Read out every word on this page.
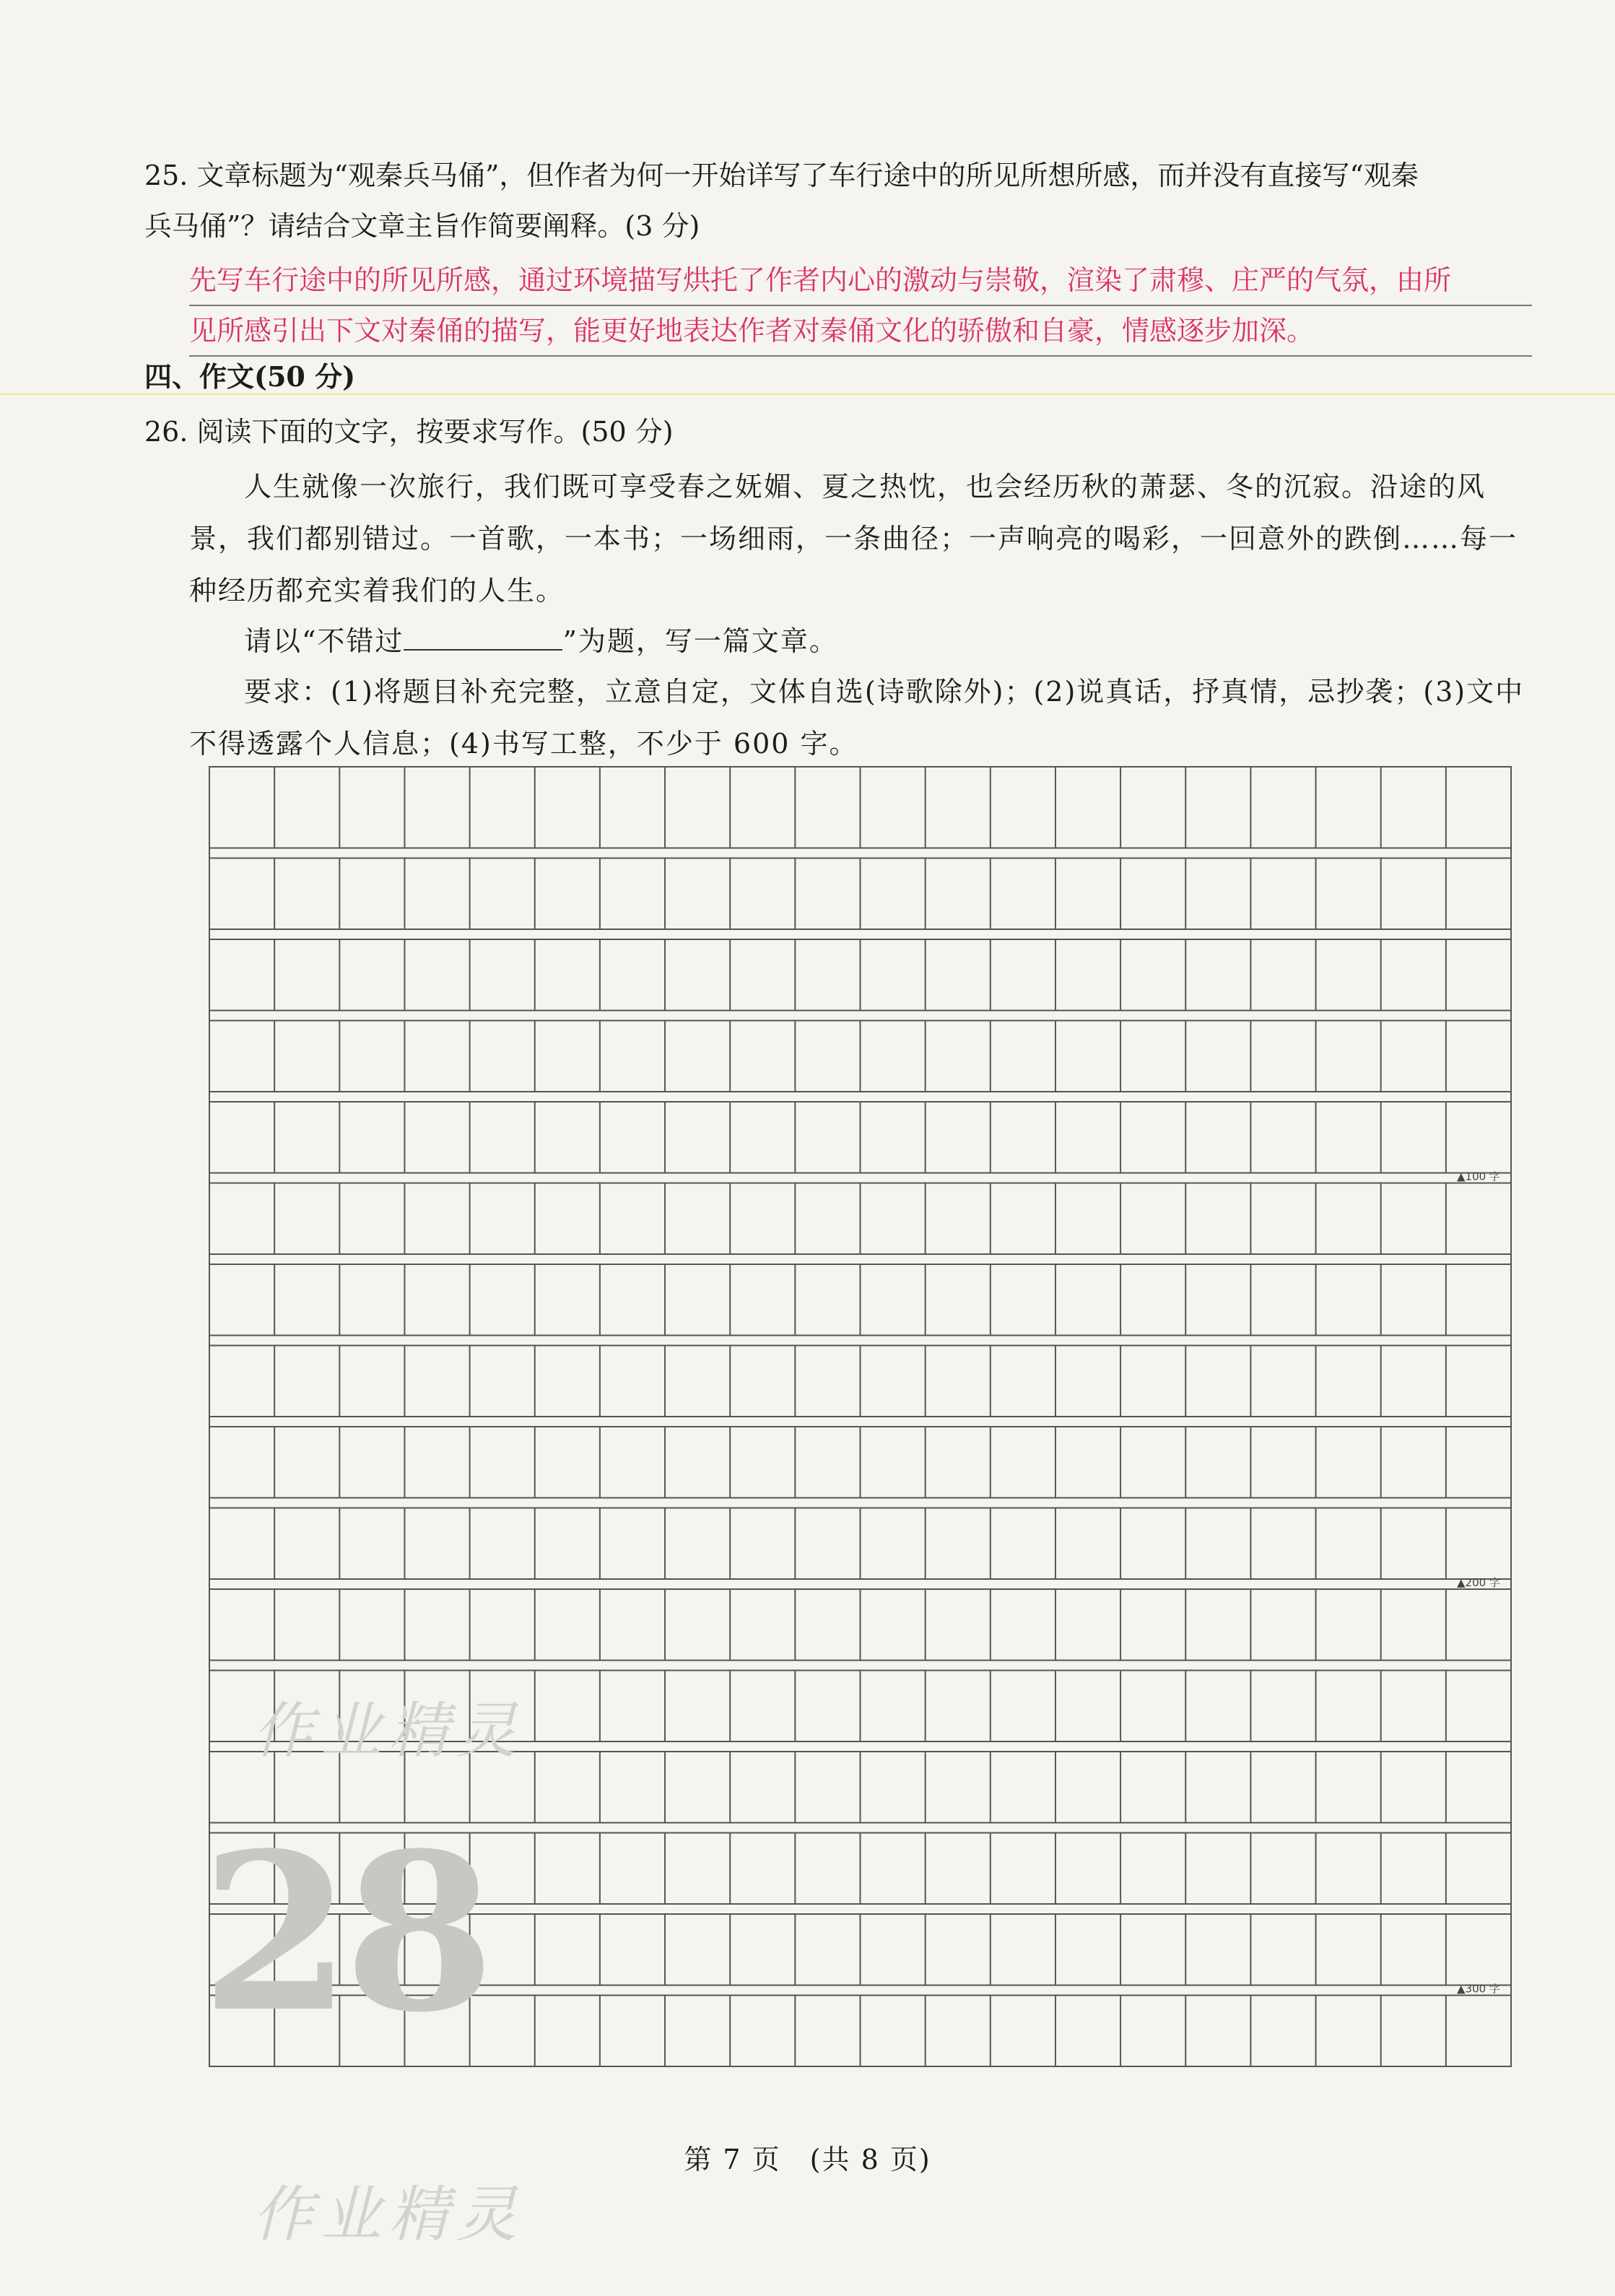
25. 文章标题为“观秦兵马俑”，但作者为何一开始详写了车行途中的所见所想所感，而并没有直接写“观秦
兵马俑”？请结合文章主旨作简要阐释。(3 分)
先写车行途中的所见所感，通过环境描写烘托了作者内心的激动与崇敬，渲染了肃穆、庄严的气氛，由所
见所感引出下文对秦俑的描写，能更好地表达作者对秦俑文化的骄傲和自豪，情感逐步加深。
四、作文(50 分)
26. 阅读下面的文字，按要求写作。(50 分)
人生就像一次旅行，我们既可享受春之妩媚、夏之热忱，也会经历秋的萧瑟、冬的沉寂。沿途的风景，我们都别错过。一首歌，一本书；一场细雨，一条曲径；一声响亮的喝彩，一回意外的跌倒……每一种经历都充实着我们的人生。
请以“不错过	”为题，写一篇文章。
要求：(1)将题目补充完整，立意自定，文体自选(诗歌除外)；(2)说真话，抒真情，忌抄袭；(3)文中不得透露个人信息；(4)书写工整，不少于 600 字。
▲100 字
▲200 字
▲300 字
作业精灵
28
作业精灵
第 7 页　(共 8 页)
